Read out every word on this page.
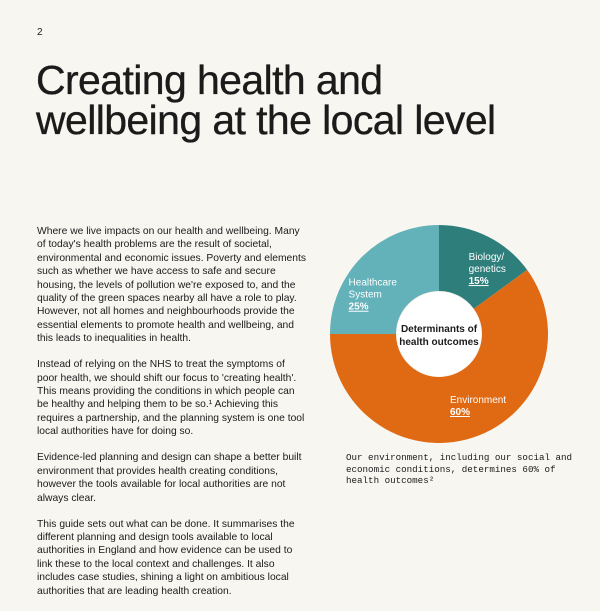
2
Creating health and
wellbeing at the local level

Where we live impacts on our health and wellbeing. Many of today's health problems are the result of societal, environmental and economic issues. Poverty and elements such as whether we have access to safe and secure housing, the levels of pollution we're exposed to, and the quality of the green spaces nearby all have a role to play. However, not all homes and neighbourhoods provide the essential elements to promote health and wellbeing, and this leads to inequalities in health.

Instead of relying on the NHS to treat the symptoms of poor health, we should shift our focus to 'creating health'. This means providing the conditions in which people can be healthy and helping them to be so.¹ Achieving this requires a partnership, and the planning system is one tool local authorities have for doing so.

Evidence-led planning and design can shape a better built environment that provides health creating conditions, however the tools available for local authorities are not always clear.

This guide sets out what can be done. It summarises the different planning and design tools available to local authorities in England and how evidence can be used to link these to the local context and challenges. It also includes case studies, shining a light on ambitious local authorities that are leading health creation.

Biology/
genetics
15%
Environment
60%
Healthcare
System
25%
Determinants of
health outcomes
Our environment, including our social and economic conditions, determines 60% of health outcomes²
